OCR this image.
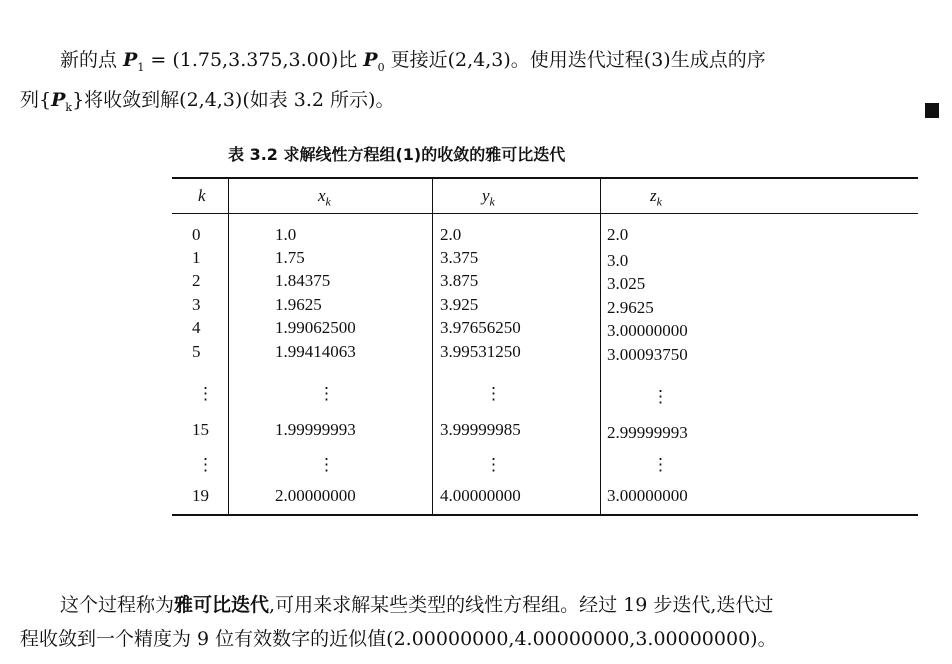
新的点 $P_1 = (1.75,3.375,3.00)$比 $P_0$ 更接近(2,4,3)。使用迭代过程(3)生成点的序
列$\{P_k\}$将收敛到解(2,4,3)(如表 3.2 所示)。
表 3.2 求解线性方程组(1)的收敛的雅可比迭代
k	$x_k$	$y_k$	$z_k$
0	1.0	2.0	2.0
1	1.75	3.375	3.0
2	1.84375	3.875	3.025
3	1.9625	3.925	2.9625
4	1.99062500	3.97656250	3.00000000
5	1.99414063	3.99531250	3.00093750
⋮	⋮	⋮	⋮
15	1.99999993	3.99999985	2.99999993
⋮	⋮	⋮	⋮
19	2.00000000	4.00000000	3.00000000
这个过程称为雅可比迭代,可用来求解某些类型的线性方程组。经过 19 步迭代,迭代过
程收敛到一个精度为 9 位有效数字的近似值(2.00000000,4.00000000,3.00000000)。
